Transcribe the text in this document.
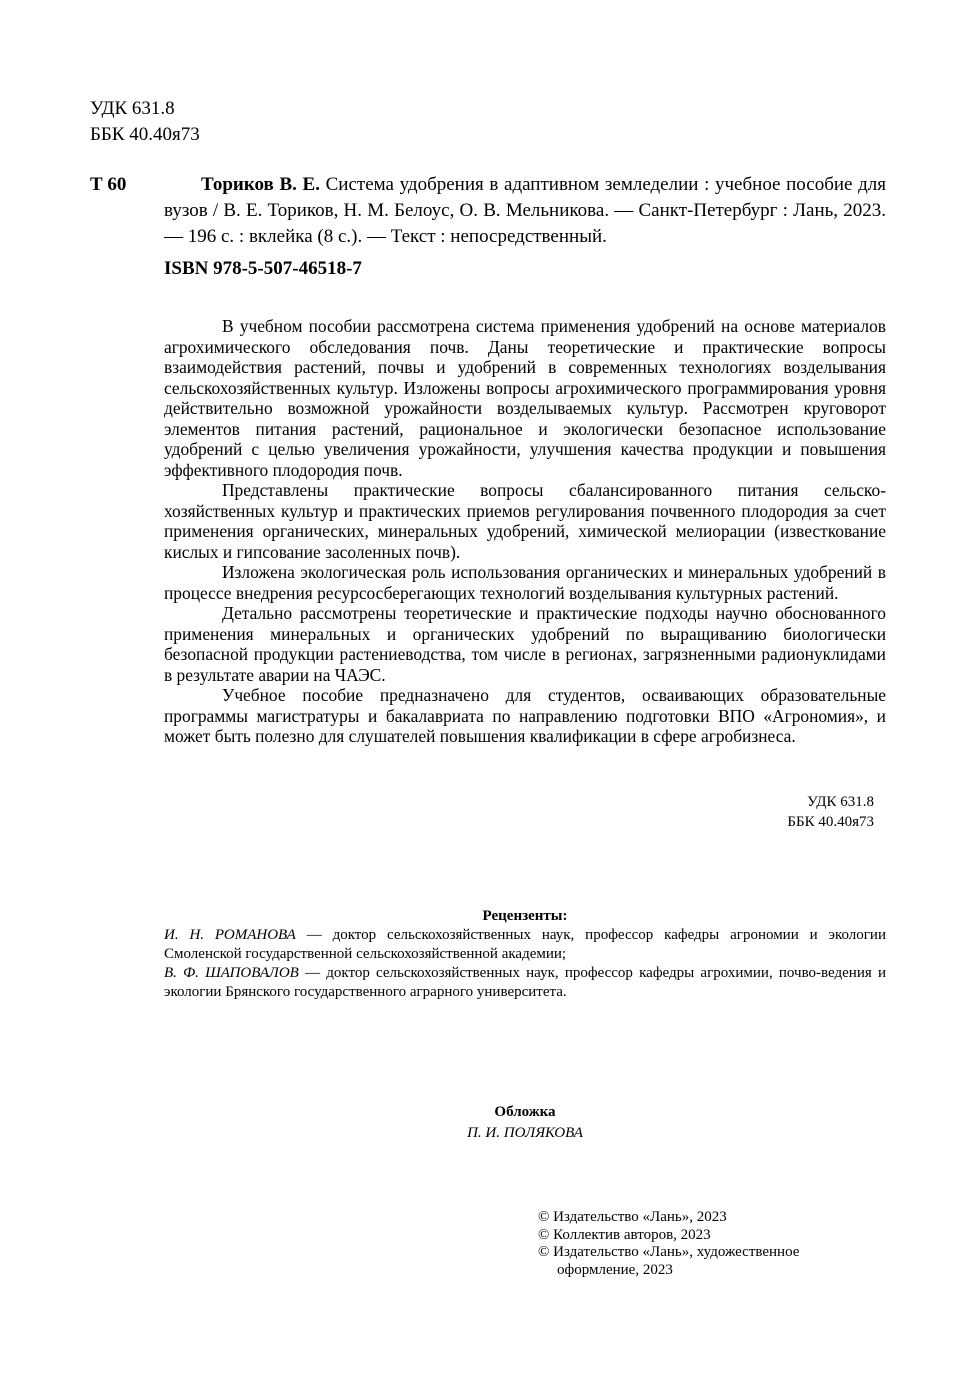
УДК 631.8
ББК 40.40я73
Т 60	Ториков В. Е. Система удобрения в адаптивном земледелии : учебное пособие для вузов / В. Е. Ториков, Н. М. Белоус, О. В. Мельникова. — Санкт-Петербург : Лань, 2023. — 196 с. : вклейка (8 с.). — Текст : непосредственный.
ISBN 978-5-507-46518-7

В учебном пособии рассмотрена система применения удобрений на основе материалов агрохимического обследования почв. Даны теоретические и практические вопросы взаимодействия растений, почвы и удобрений в современных технологиях возделывания сельскохозяйственных культур. Изложены вопросы агрохимического программирования уровня действительно возможной урожайности возделываемых культур. Рассмотрен круговорот элементов питания растений, рациональное и экологически безопасное использование удобрений с целью увеличения урожайности, улучшения качества продукции и повышения эффективного плодородия почв.

Представлены практические вопросы сбалансированного питания сельско-хозяйственных культур и практических приемов регулирования почвенного плодородия за счет применения органических, минеральных удобрений, химической мелиорации (известкование кислых и гипсование засоленных почв).

Изложена экологическая роль использования органических и минеральных удобрений в процессе внедрения ресурсосберегающих технологий возделывания культурных растений.

Детально рассмотрены теоретические и практические подходы научно обоснованного применения минеральных и органических удобрений по выращиванию биологически безопасной продукции растениеводства, том числе в регионах, загрязненными радионуклидами в результате аварии на ЧАЭС.

Учебное пособие предназначено для студентов, осваивающих образовательные программы магистратуры и бакалавриата по направлению подготовки ВПО «Агрономия», и может быть полезно для слушателей повышения квалификации в сфере агробизнеса.

УДК 631.8
ББК 40.40я73
Рецензенты:

И. Н. РОМАНОВА — доктор сельскохозяйственных наук, профессор кафедры агрономии и экологии Смоленской государственной сельскохозяйственной академии;

В. Ф. ШАПОВАЛОВ — доктор сельскохозяйственных наук, профессор кафедры агрохимии, почво-ведения и экологии Брянского государственного аграрного университета.

Обложка
П. И. ПОЛЯКОВА
© Издательство «Лань», 2023
© Коллектив авторов, 2023
© Издательство «Лань», художественное
оформление, 2023
